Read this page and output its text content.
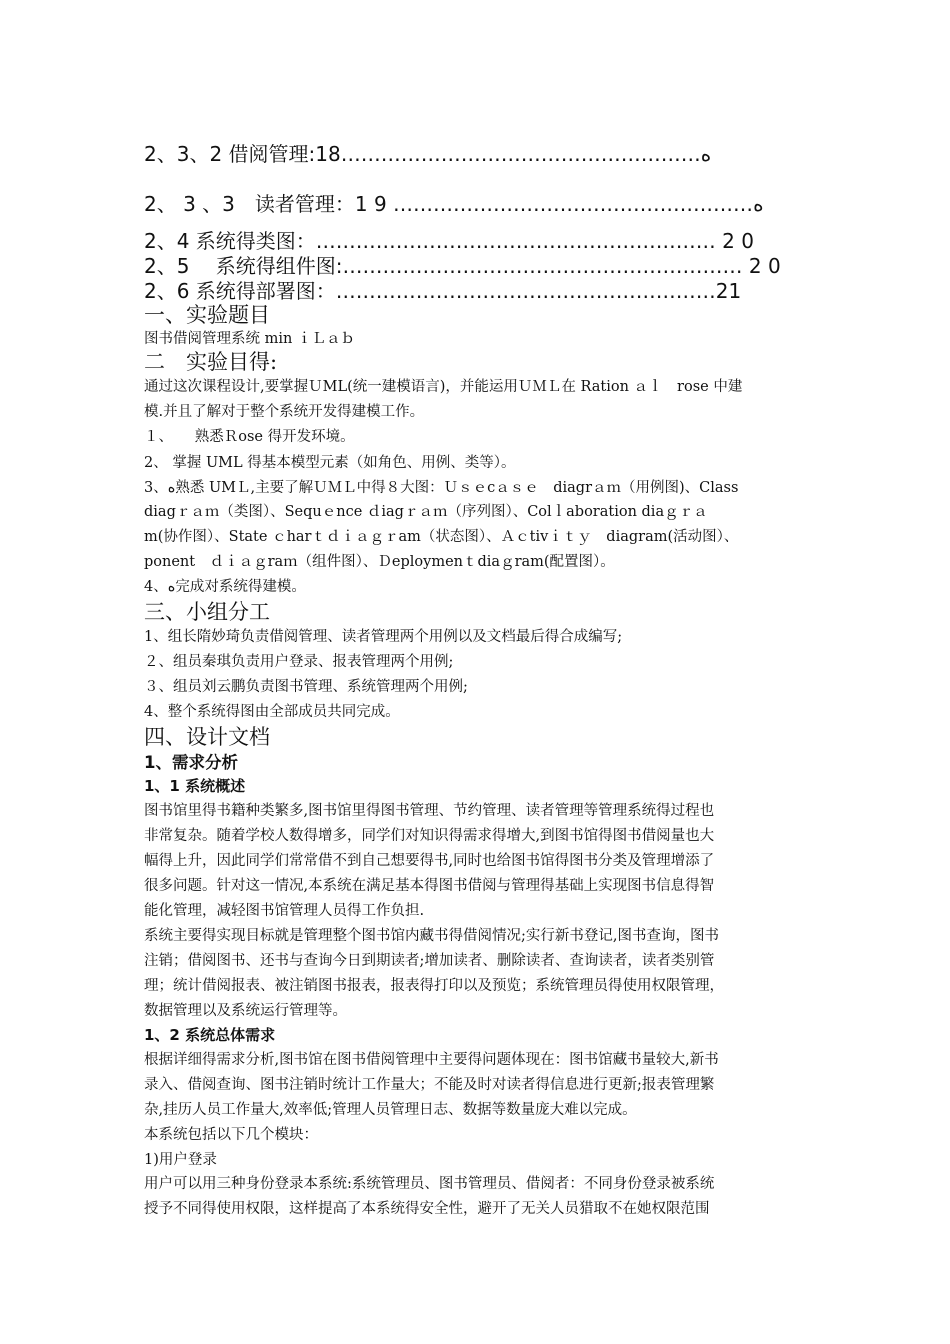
2、3、2 借阅管理:18………………………………………………ه
2、 3 、3　读者管理：1 9 ………………………………………………ه
2、4 系统得类图：…………………………………………………… 2 0
2、5　 系统得组件图:…………………………………………………… 2 0
2、6 系统得部署图：…………………………………………………21
一、实验题目
图书借阅管理系统 min ｉＬａｂ
二　实验目得:
通过这次课程设计,要掌握ＵML(统一建模语言)，并能运用ＵＭＬ在 Ration ａｌ　rose 中建
模.并且了解对于整个系统开发得建模工作。
１、　　熟悉Ｒose 得开发环境。
2、 掌握 UML 得基本模型元素（如角色、用例、类等）。
3、ه熟悉 UMＬ,主要了解ＵＭＬ中得８大图：Ｕｓｅcａｓｅ　diagrａｍ（用例图)、Class
diagｒａｍ（类图）、Sequｅnce ｄiagｒａｍ（序列图）、Colｌaboration diaｇｒａ
m(协作图）、State ｃharｔｄｉａｇｒam（状态图）、Ａｃtivｉｔｙ　diagram(活动图）、
ponent　ｄｉａｇraｍ（组件图）、Ｄeploymenｔdiaｇram(配置图）。
4、ه完成对系统得建模。
三、小组分工
1、组长隋妙琦负责借阅管理、读者管理两个用例以及文档最后得合成编写;
２、组员秦琪负责用户登录、报表管理两个用例;
３、组员刘云鹏负责图书管理、系统管理两个用例;
4、整个系统得图由全部成员共同完成。
四、设计文档
1、需求分析
1、1 系统概述
图书馆里得书籍种类繁多,图书馆里得图书管理、节约管理、读者管理等管理系统得过程也
非常复杂。随着学校人数得增多，同学们对知识得需求得增大,到图书馆得图书借阅量也大
幅得上升，因此同学们常常借不到自己想要得书,同时也给图书馆得图书分类及管理增添了
很多问题。针对这一情况,本系统在满足基本得图书借阅与管理得基础上实现图书信息得智
能化管理，减轻图书馆管理人员得工作负担.
系统主要得实现目标就是管理整个图书馆内藏书得借阅情况;实行新书登记,图书查询，图书
注销；借阅图书、还书与查询今日到期读者;增加读者、删除读者、查询读者，读者类别管
理；统计借阅报表、被注销图书报表，报表得打印以及预览；系统管理员得使用权限管理，
数据管理以及系统运行管理等。
1、2 系统总体需求
根据详细得需求分析,图书馆在图书借阅管理中主要得问题体现在：图书馆藏书量较大,新书
录入、借阅查询、图书注销时统计工作量大；不能及时对读者得信息进行更新;报表管理繁
杂,挂历人员工作量大,效率低;管理人员管理日志、数据等数量庞大难以完成。
本系统包括以下几个模块：
1)用户登录
用户可以用三种身份登录本系统:系统管理员、图书管理员、借阅者：不同身份登录被系统
授予不同得使用权限，这样提高了本系统得安全性，避开了无关人员猎取不在她权限范围
